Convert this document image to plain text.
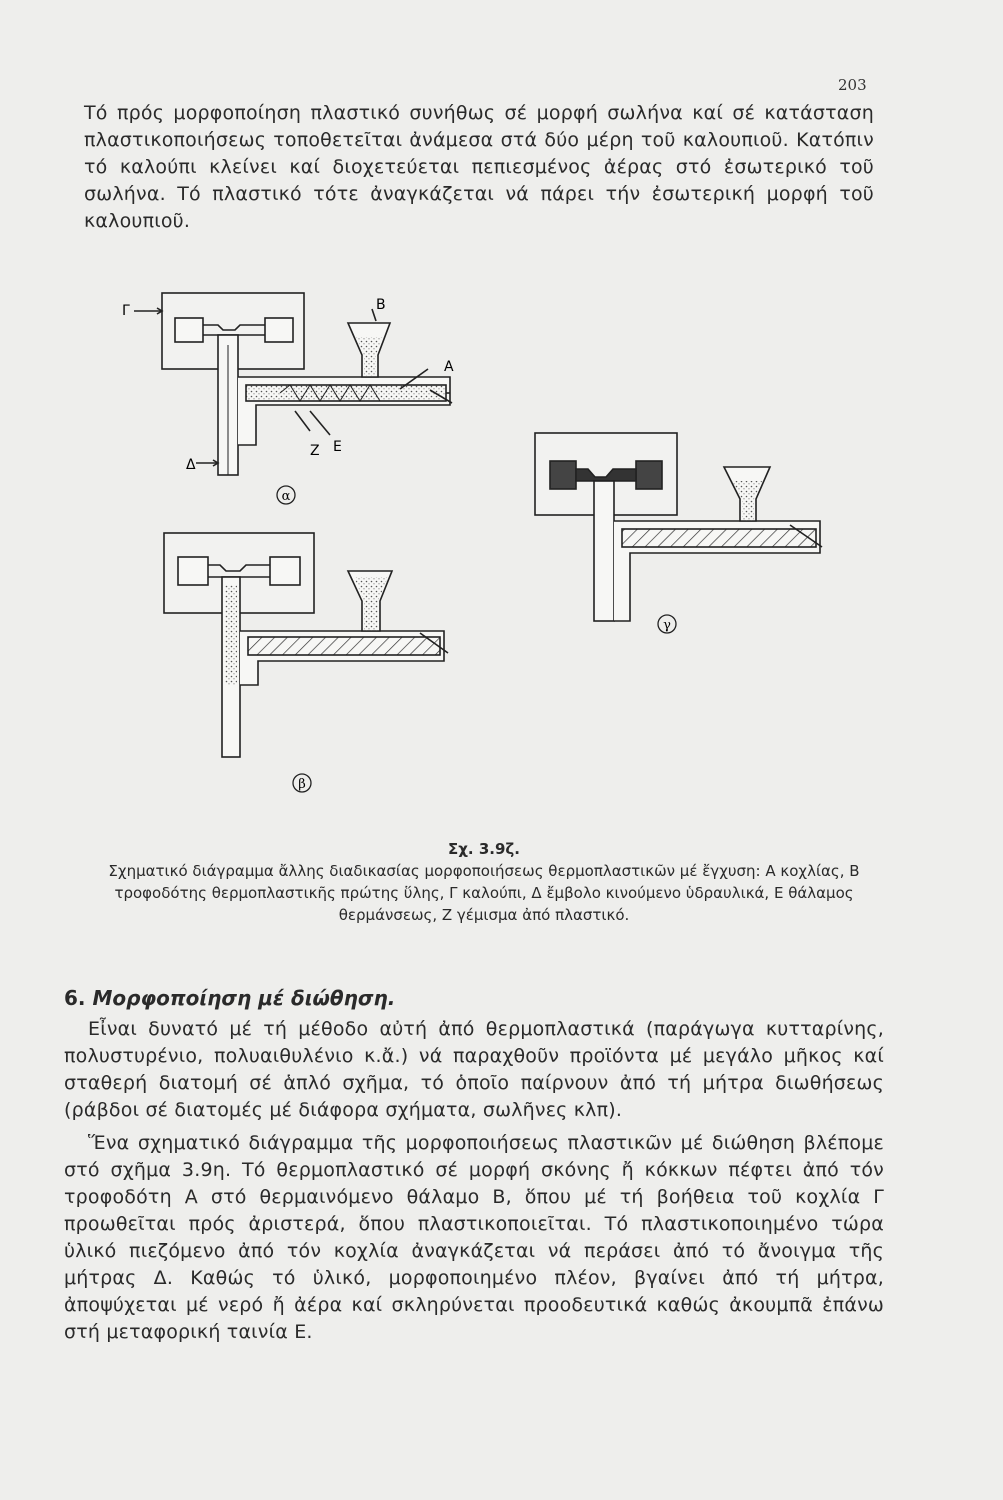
203

Τό πρός μορφοποίηση πλαστικό συνήθως σέ μορφή σωλήνα καί σέ κατάσταση πλαστικοποιήσεως τοποθετεῖται ἀνάμεσα στά δύο μέρη τοῦ καλουπιοῦ. Κατόπιν τό καλούπι κλείνει καί διοχετεύεται πεπιεσμένος ἀέρας στό ἐσωτερικό τοῦ σωλήνα. Τό πλαστικό τότε ἀναγκάζεται νά πάρει τήν ἐσωτερική μορφή τοῦ καλουπιοῦ.

Γ	Β
Α
Δ
Ζ Ε
α
γ
β
Σχ. 3.9ζ.
Σχηματικό διάγραμμα ἄλλης διαδικασίας μορφοποιήσεως θερμοπλαστικῶν μέ ἔγχυση: Α κοχλίας, Β τροφοδότης θερμοπλαστικῆς πρώτης ὕλης, Γ καλούπι, Δ ἔμβολο κινούμενο ὑδραυλικά, Ε θάλαμος θερμάνσεως, Ζ γέμισμα ἀπό πλαστικό.
6. Μορφοποίηση μέ διώθηση.

Εἶναι δυνατό μέ τή μέθοδο αὐτή ἀπό θερμοπλαστικά (παράγωγα κυτταρίνης, πολυστυρένιο, πολυαιθυλένιο κ.ἄ.) νά παραχθοῦν προϊόντα μέ μεγάλο μῆκος καί σταθερή διατομή σέ ἁπλό σχῆμα, τό ὁποῖο παίρνουν ἀπό τή μήτρα διωθήσεως (ράβδοι σέ διατομές μέ διάφορα σχήματα, σωλῆνες κλπ).

Ἕνα σχηματικό διάγραμμα τῆς μορφοποιήσεως πλαστικῶν μέ διώθηση βλέπομε στό σχῆμα 3.9η. Τό θερμοπλαστικό σέ μορφή σκόνης ἤ κόκκων πέφτει ἀπό τόν τροφοδότη Α στό θερμαινόμενο θάλαμο Β, ὅπου μέ τή βοήθεια τοῦ κοχλία Γ προωθεῖται πρός ἀριστερά, ὅπου πλαστικοποιεῖται. Τό πλαστικοποιημένο τώρα ὑλικό πιεζόμενο ἀπό τόν κοχλία ἀναγκάζεται νά περάσει ἀπό τό ἄνοιγμα τῆς μήτρας Δ. Καθώς τό ὑλικό, μορφοποιημένο πλέον, βγαίνει ἀπό τή μήτρα, ἀποψύχεται μέ νερό ἤ ἀέρα καί σκληρύνεται προοδευτικά καθώς ἀκουμπᾶ ἐπάνω στή μεταφορική ταινία Ε.
